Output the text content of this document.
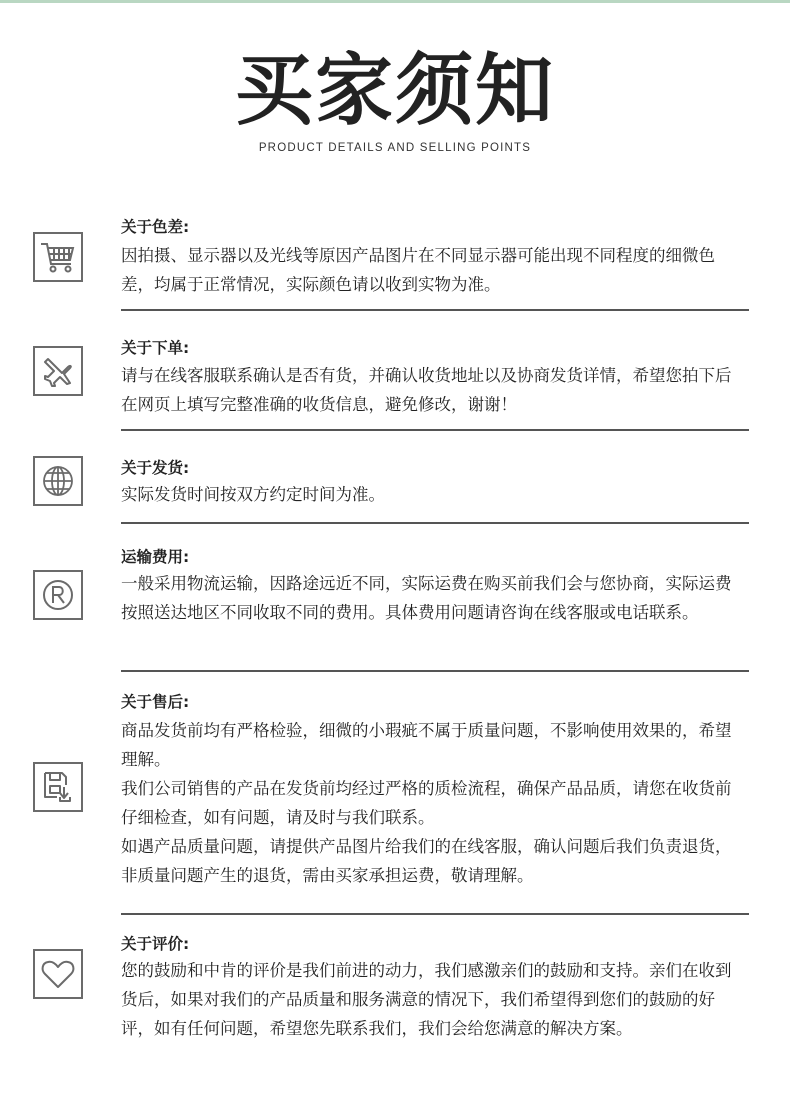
买家须知
PRODUCT DETAILS AND SELLING POINTS
关于色差:

因拍摄、显示器以及光线等原因产品图片在不同显示器可能出现不同程度的细微色差，均属于正常情况，实际颜色请以收到实物为准。

关于下单:

请与在线客服联系确认是否有货，并确认收货地址以及协商发货详情，希望您拍下后在网页上填写完整准确的收货信息，避免修改，谢谢！

关于发货:

实际发货时间按双方约定时间为准。

运输费用:

一般采用物流运输，因路途远近不同，实际运费在购买前我们会与您协商，实际运费按照送达地区不同收取不同的费用。具体费用问题请咨询在线客服或电话联系。

关于售后:

商品发货前均有严格检验，细微的小瑕疵不属于质量问题，不影响使用效果的，希望理解。

我们公司销售的产品在发货前均经过严格的质检流程，确保产品品质，请您在收货前仔细检查，如有问题，请及时与我们联系。

如遇产品质量问题，请提供产品图片给我们的在线客服，确认问题后我们负责退货，非质量问题产生的退货，需由买家承担运费，敬请理解。

关于评价:

您的鼓励和中肯的评价是我们前进的动力，我们感激亲们的鼓励和支持。亲们在收到货后，如果对我们的产品质量和服务满意的情况下，我们希望得到您们的鼓励的好评，如有任何问题，希望您先联系我们，我们会给您满意的解决方案。
